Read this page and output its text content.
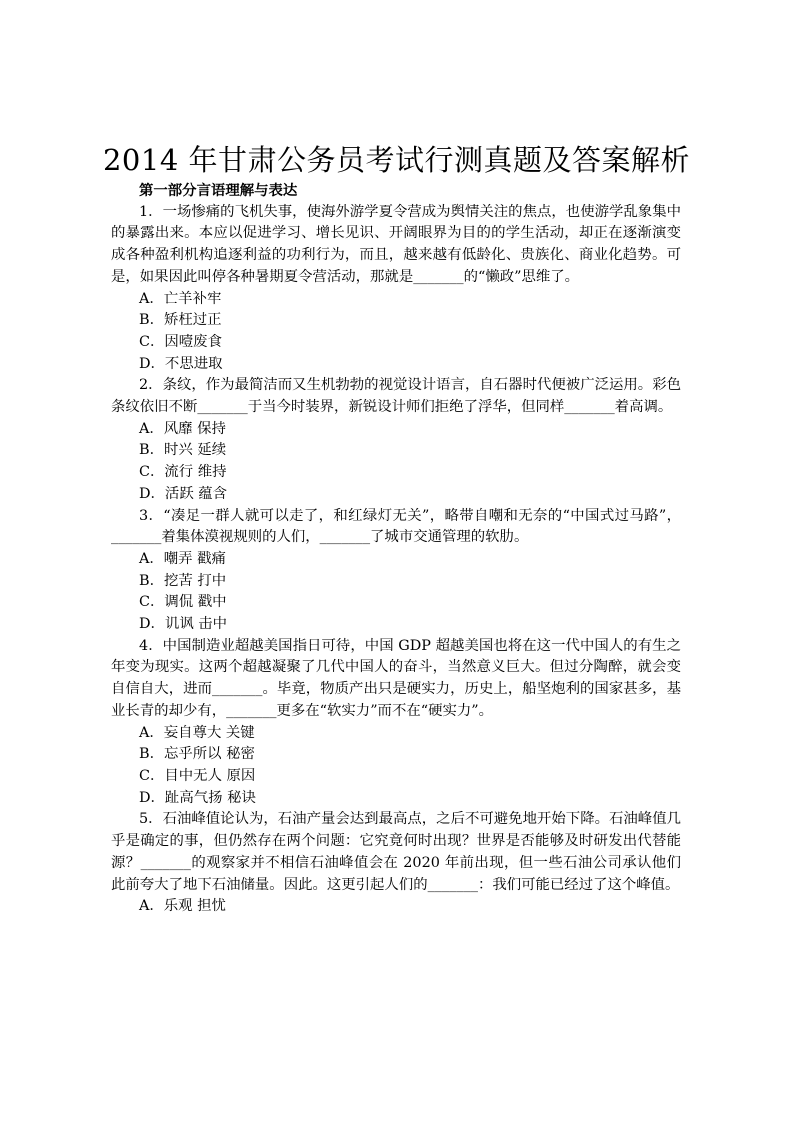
2014 年甘肃公务员考试行测真题及答案解析
第一部分言语理解与表达
1．一场惨痛的飞机失事，使海外游学夏令营成为舆情关注的焦点，也使游学乱象集中的暴露出来。本应以促进学习、增长见识、开阔眼界为目的的学生活动，却正在逐渐演变成各种盈利机构追逐利益的功利行为，而且，越来越有低龄化、贵族化、商业化趋势。可是，如果因此叫停各种暑期夏令营活动，那就是_______的“懒政”思维了。
A．亡羊补牢
B．矫枉过正
C．因噎废食
D．不思进取
2．条纹，作为最简洁而又生机勃勃的视觉设计语言，自石器时代便被广泛运用。彩色条纹依旧不断_______于当今时装界，新锐设计师们拒绝了浮华，但同样_______着高调。
A．风靡 保持
B．时兴 延续
C．流行 维持
D．活跃 蕴含
3．“凑足一群人就可以走了，和红绿灯无关”，略带自嘲和无奈的“中国式过马路”，_______着集体漠视规则的人们，_______了城市交通管理的软肋。
A．嘲弄 戳痛
B．挖苦 打中
C．调侃 戳中
D．讥讽 击中
4．中国制造业超越美国指日可待，中国 GDP 超越美国也将在这一代中国人的有生之年变为现实。这两个超越凝聚了几代中国人的奋斗，当然意义巨大。但过分陶醉，就会变自信自大，进而_______。毕竟，物质产出只是硬实力，历史上，船坚炮利的国家甚多，基业长青的却少有，_______更多在“软实力”而不在“硬实力”。
A．妄自尊大 关键
B．忘乎所以 秘密
C．目中无人 原因
D．趾高气扬 秘诀
5．石油峰值论认为，石油产量会达到最高点，之后不可避免地开始下降。石油峰值几乎是确定的事，但仍然存在两个问题：它究竟何时出现？世界是否能够及时研发出代替能源？_______的观察家并不相信石油峰值会在 2020 年前出现，但一些石油公司承认他们此前夸大了地下石油储量。因此。这更引起人们的_______：我们可能已经过了这个峰值。
A．乐观 担忧
